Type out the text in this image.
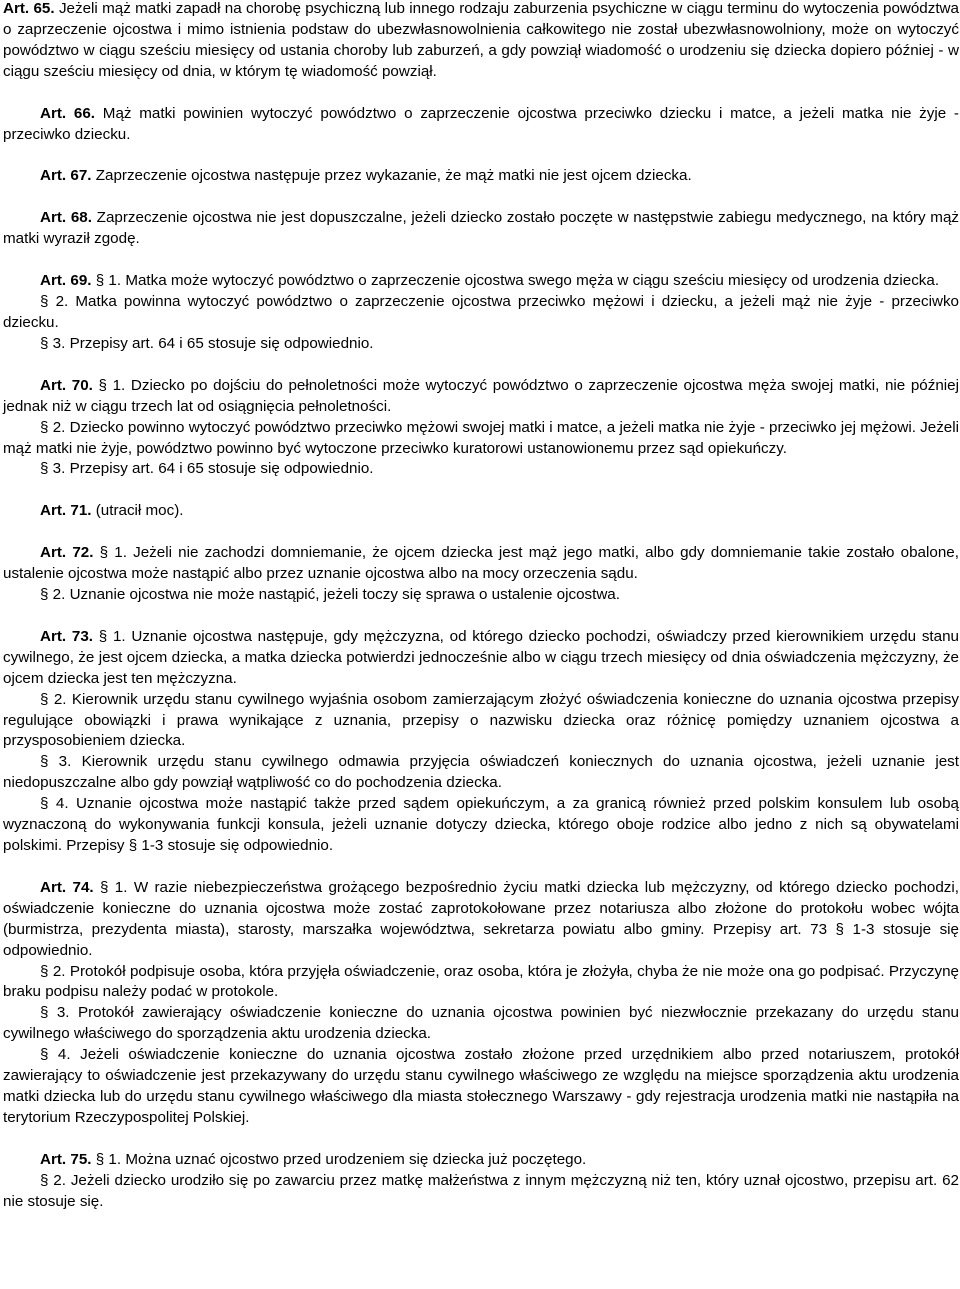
Art. 65. Jeżeli mąż matki zapadł na chorobę psychiczną lub innego rodzaju zaburzenia psychiczne w ciągu terminu do wytoczenia powództwa o zaprzeczenie ojcostwa i mimo istnienia podstaw do ubezwłasnowolnienia całkowitego nie został ubezwłasnowolniony, może on wytoczyć powództwo w ciągu sześciu miesięcy od ustania choroby lub zaburzeń, a gdy powziął wiadomość o urodzeniu się dziecka dopiero później - w ciągu sześciu miesięcy od dnia, w którym tę wiadomość powziął.

Art. 66. Mąż matki powinien wytoczyć powództwo o zaprzeczenie ojcostwa przeciwko dziecku i matce, a jeżeli matka nie żyje - przeciwko dziecku.

Art. 67. Zaprzeczenie ojcostwa następuje przez wykazanie, że mąż matki nie jest ojcem dziecka.

Art. 68. Zaprzeczenie ojcostwa nie jest dopuszczalne, jeżeli dziecko zostało poczęte w następstwie zabiegu medycznego, na który mąż matki wyraził zgodę.

Art. 69. § 1. Matka może wytoczyć powództwo o zaprzeczenie ojcostwa swego męża w ciągu sześciu miesięcy od urodzenia dziecka.

§ 2. Matka powinna wytoczyć powództwo o zaprzeczenie ojcostwa przeciwko mężowi i dziecku, a jeżeli mąż nie żyje - przeciwko dziecku.

§ 3. Przepisy art. 64 i 65 stosuje się odpowiednio.

Art. 70. § 1. Dziecko po dojściu do pełnoletności może wytoczyć powództwo o zaprzeczenie ojcostwa męża swojej matki, nie później jednak niż w ciągu trzech lat od osiągnięcia pełnoletności.

§ 2. Dziecko powinno wytoczyć powództwo przeciwko mężowi swojej matki i matce, a jeżeli matka nie żyje - przeciwko jej mężowi. Jeżeli mąż matki nie żyje, powództwo powinno być wytoczone przeciwko kuratorowi ustanowionemu przez sąd opiekuńczy.

§ 3. Przepisy art. 64 i 65 stosuje się odpowiednio.

Art. 71. (utracił moc).

Art. 72. § 1. Jeżeli nie zachodzi domniemanie, że ojcem dziecka jest mąż jego matki, albo gdy domniemanie takie zostało obalone, ustalenie ojcostwa może nastąpić albo przez uznanie ojcostwa albo na mocy orzeczenia sądu.

§ 2. Uznanie ojcostwa nie może nastąpić, jeżeli toczy się sprawa o ustalenie ojcostwa.

Art. 73. § 1. Uznanie ojcostwa następuje, gdy mężczyzna, od którego dziecko pochodzi, oświadczy przed kierownikiem urzędu stanu cywilnego, że jest ojcem dziecka, a matka dziecka potwierdzi jednocześnie albo w ciągu trzech miesięcy od dnia oświadczenia mężczyzny, że ojcem dziecka jest ten mężczyzna.

§ 2. Kierownik urzędu stanu cywilnego wyjaśnia osobom zamierzającym złożyć oświadczenia konieczne do uznania ojcostwa przepisy regulujące obowiązki i prawa wynikające z uznania, przepisy o nazwisku dziecka oraz różnicę pomiędzy uznaniem ojcostwa a przysposobieniem dziecka.

§ 3. Kierownik urzędu stanu cywilnego odmawia przyjęcia oświadczeń koniecznych do uznania ojcostwa, jeżeli uznanie jest niedopuszczalne albo gdy powziął wątpliwość co do pochodzenia dziecka.

§ 4. Uznanie ojcostwa może nastąpić także przed sądem opiekuńczym, a za granicą również przed polskim konsulem lub osobą wyznaczoną do wykonywania funkcji konsula, jeżeli uznanie dotyczy dziecka, którego oboje rodzice albo jedno z nich są obywatelami polskimi. Przepisy § 1-3 stosuje się odpowiednio.

Art. 74. § 1. W razie niebezpieczeństwa grożącego bezpośrednio życiu matki dziecka lub mężczyzny, od którego dziecko pochodzi, oświadczenie konieczne do uznania ojcostwa może zostać zaprotokołowane przez notariusza albo złożone do protokołu wobec wójta (burmistrza, prezydenta miasta), starosty, marszałka województwa, sekretarza powiatu albo gminy. Przepisy art. 73 § 1-3 stosuje się odpowiednio.

§ 2. Protokół podpisuje osoba, która przyjęła oświadczenie, oraz osoba, która je złożyła, chyba że nie może ona go podpisać. Przyczynę braku podpisu należy podać w protokole.

§ 3. Protokół zawierający oświadczenie konieczne do uznania ojcostwa powinien być niezwłocznie przekazany do urzędu stanu cywilnego właściwego do sporządzenia aktu urodzenia dziecka.

§ 4. Jeżeli oświadczenie konieczne do uznania ojcostwa zostało złożone przed urzędnikiem albo przed notariuszem, protokół zawierający to oświadczenie jest przekazywany do urzędu stanu cywilnego właściwego ze względu na miejsce sporządzenia aktu urodzenia matki dziecka lub do urzędu stanu cywilnego właściwego dla miasta stołecznego Warszawy - gdy rejestracja urodzenia matki nie nastąpiła na terytorium Rzeczypospolitej Polskiej.

Art. 75. § 1. Można uznać ojcostwo przed urodzeniem się dziecka już poczętego.

§ 2. Jeżeli dziecko urodziło się po zawarciu przez matkę małżeństwa z innym mężczyzną niż ten, który uznał ojcostwo, przepisu art. 62 nie stosuje się.
